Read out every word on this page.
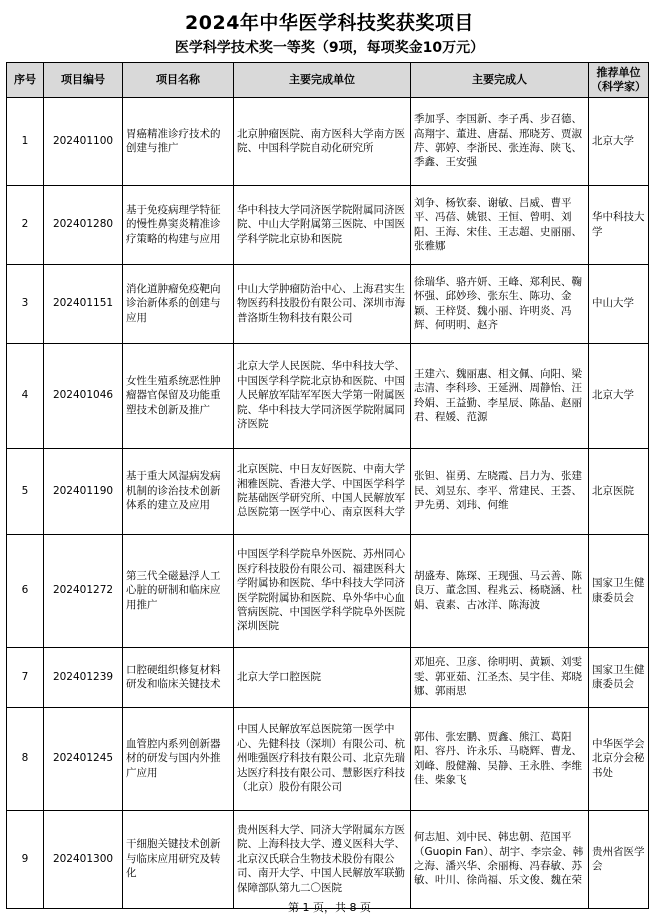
2024年中华医学科技奖获奖项目
医学科学技术奖一等奖（9项，每项奖金10万元）
序号	项目编号	项目名称	主要完成单位	主要完成人	推荐单位（科学家）
1	202401100	胃癌精准诊疗技术的创建与推广	北京肿瘤医院、南方医科大学南方医院、中国科学院自动化研究所	季加孚、李国新、李子禹、步召德、高翔宇、董进、唐磊、邢晓芳、贾淑芹、郭婷、李浙民、张连海、陕飞、季鑫、王安强	北京大学
2	202401280	基于免疫病理学特征的慢性鼻窦炎精准诊疗策略的构建与应用	华中科技大学同济医学院附属同济医院、中山大学附属第三医院、中国医学科学院北京协和医院	刘争、杨钦泰、谢敏、吕威、曹平平、冯蓓、姚银、王恒、曾明、刘阳、王海、宋佳、王志超、史丽丽、张雅娜	华中科技大学
3	202401151	消化道肿瘤免疫靶向诊治新体系的创建与应用	中山大学肿瘤防治中心、上海君实生物医药科技股份有限公司、深圳市海普洛斯生物科技有限公司	徐瑞华、骆卉妍、王峰、郑利民、鞠怀强、邱妙珍、张东生、陈功、金颖、王梓贤、魏小丽、许明炎、冯辉、何明明、赵齐	中山大学
4	202401046	女性生殖系统恶性肿瘤器官保留及功能重塑技术创新及推广	北京大学人民医院、华中科技大学、中国医学科学院北京协和医院、中国人民解放军陆军军医大学第一附属医院、华中科技大学同济医学院附属同济医院	王建六、魏丽惠、相文佩、向阳、梁志清、李科珍、王延洲、周静怡、汪玲娟、王益勤、李星辰、陈晶、赵丽君、程媛、范源	北京大学
5	202401190	基于重大风湿病发病机制的诊治技术创新体系的建立及应用	北京医院、中日友好医院、中南大学湘雅医院、香港大学、中国医学科学院基础医学研究所、中国人民解放军总医院第一医学中心、南京医科大学	张钽、崔勇、左晓霞、吕力为、张建民、刘昱东、李平、常建民、王荟、尹先勇、刘玮、何维	北京医院
6	202401272	第三代全磁悬浮人工心脏的研制和临床应用推广	中国医学科学院阜外医院、苏州同心医疗科技股份有限公司、福建医科大学附属协和医院、华中科技大学同济医学院附属协和医院、阜外华中心血管病医院、中国医学科学院阜外医院深圳医院	胡盛寿、陈琛、王现强、马云善、陈良万、董念国、程兆云、杨晓涵、杜娟、袁素、古冰洋、陈海波	国家卫生健康委员会
7	202401239	口腔硬组织修复材料研发和临床关键技术	北京大学口腔医院	邓旭亮、卫彦、徐明明、黄颖、刘雯雯、郭亚茹、江圣杰、吴宇佳、郑晓娜、郭雨思	国家卫生健康委员会
8	202401245	血管腔内系列创新器材的研发与国内外推广应用	中国人民解放军总医院第一医学中心、先健科技（深圳）有限公司、杭州唯强医疗科技有限公司、北京先瑞达医疗科技有限公司、慧影医疗科技（北京）股份有限公司	郭伟、张宏鹏、贾鑫、熊江、葛阳阳、容丹、许永乐、马晓辉、曹龙、刘峰、殷健瀚、吴静、王永胜、李维佳、柴象飞	中华医学会北京分会秘书处
9	202401300	干细胞关键技术创新与临床应用研究及转化	贵州医科大学、同济大学附属东方医院、上海科技大学、遵义医科大学、北京汉氏联合生物技术股份有限公司、南开大学、中国人民解放军联勤保障部队第九二〇医院	何志旭、刘中民、韩忠朝、范国平（Guopin Fan）、胡宇、李宗金、韩之海、潘兴华、余丽梅、冯春敏、苏敏、叶川、徐尚福、乐文俊、魏在荣	贵州省医学会
第 1 页，共 8 页
